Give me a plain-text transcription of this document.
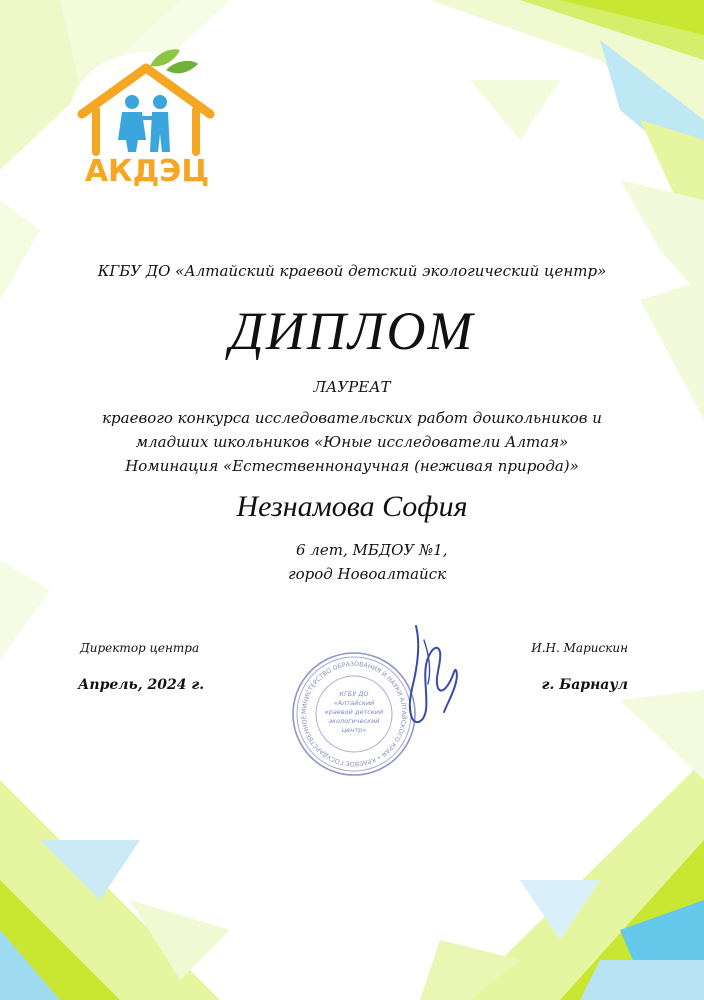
АКДЭЦ
КГБУ ДО «Алтайский краевой детский экологический центр»
ДИПЛОМ
ЛАУРЕАТ
краевого конкурса исследовательских работ дошкольников и
младших школьников «Юные исследователи Алтая»
Номинация «Естественнонаучная (неживая природа)»
Незнамова София
6 лет, МБДОУ №1,
город Новоалтайск
Директор центра	И.Н. Марискин
Апрель, 2024 г.	г. Барнаул
МИНИСТЕРСТВО ОБРАЗОВАНИЯ И НАУКИ АЛТАЙСКОГО КРАЯ • КРАЕВОЕ ГОСУДАРСТВЕННОЕ
КГБУ ДО
«Алтайский
краевой детский
экологический
центр»
